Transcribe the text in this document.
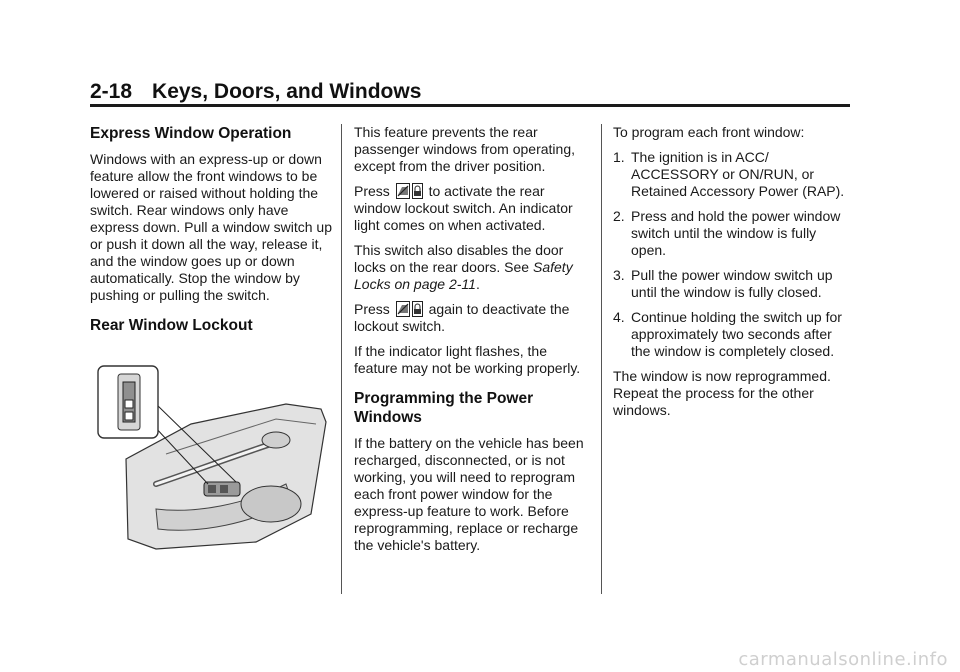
2-18 Keys, Doors, and Windows
Express Window Operation

Windows with an express-up or down feature allow the front windows to be lowered or raised without holding the switch. Rear windows only have express down. Pull a window switch up or push it down all the way, release it, and the window goes up or down automatically. Stop the window by pushing or pulling the switch.

Rear Window Lockout

This feature prevents the rear passenger windows from operating, except from the driver position.

Press	to activate the rear window lockout switch. An indicator light comes on when activated.

This switch also disables the door locks on the rear doors. See Safety Locks on page 2-11.

Press	again to deactivate the lockout switch.

If the indicator light flashes, the feature may not be working properly.

Programming the Power Windows

If the battery on the vehicle has been recharged, disconnected, or is not working, you will need to reprogram each front power window for the express-up feature to work. Before reprogramming, replace or recharge the vehicle's battery.

To program each front window:

1. The ignition is in ACC/ ACCESSORY or ON/RUN, or Retained Accessory Power (RAP).
2. Press and hold the power window switch until the window is fully open.
3. Pull the power window switch up until the window is fully closed.
4. Continue holding the switch up for approximately two seconds after the window is completely closed.

The window is now reprogrammed. Repeat the process for the other windows.

carmanualsonline.info
